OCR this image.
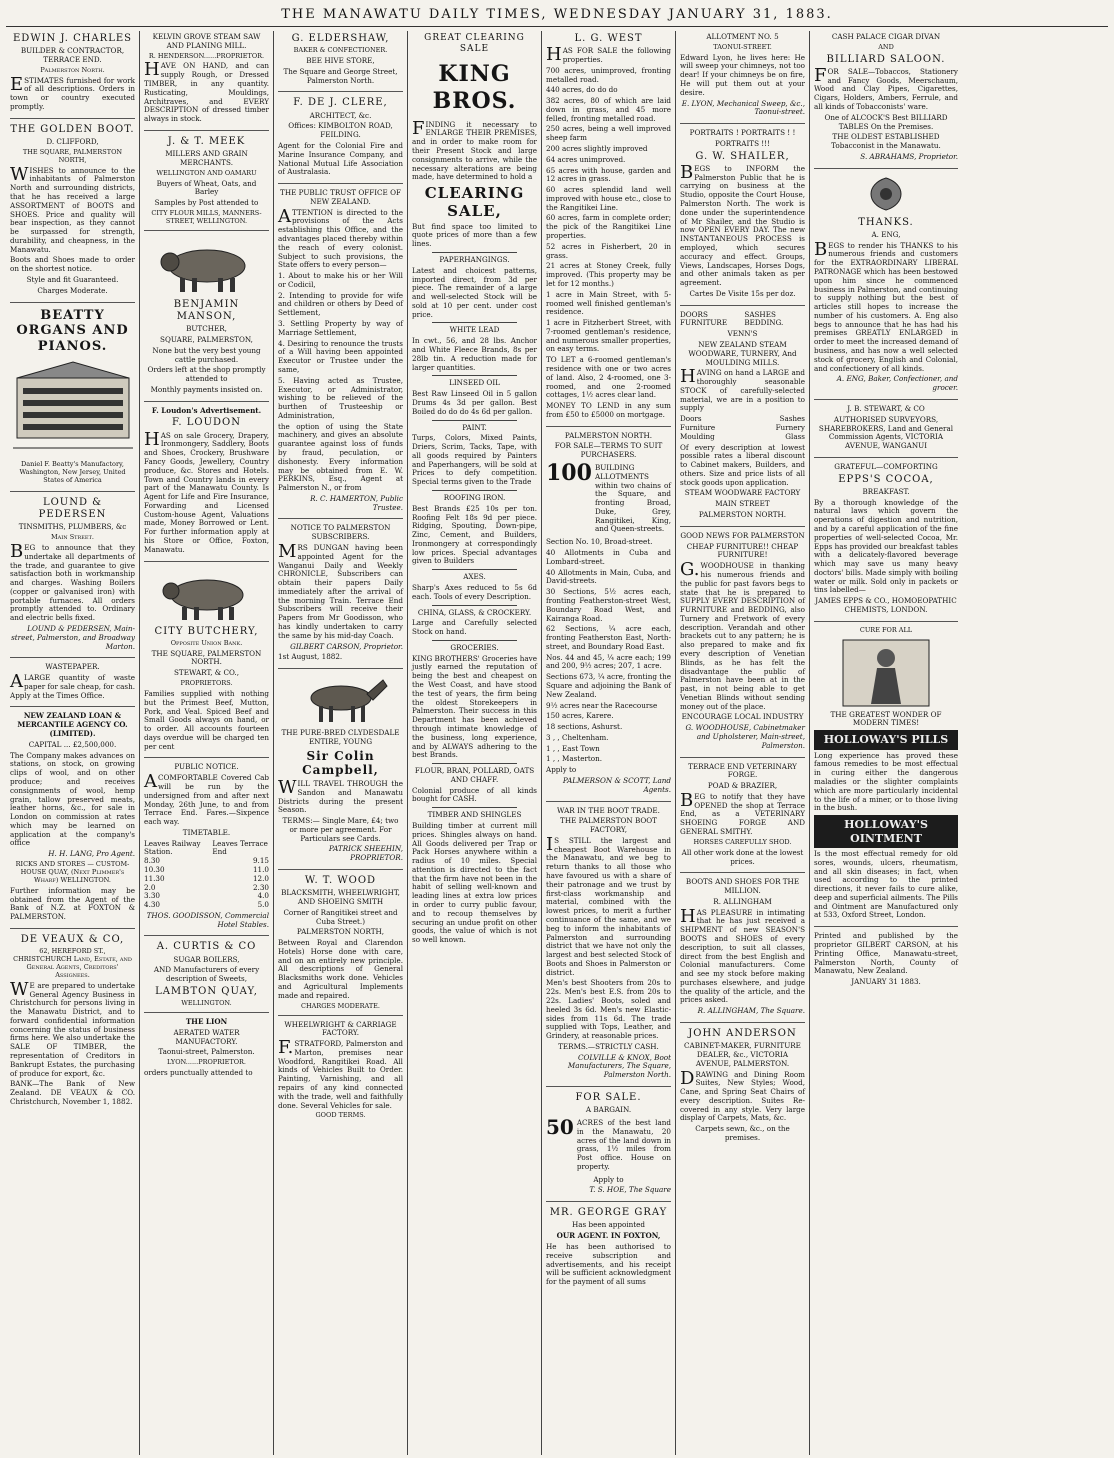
THE MANAWATU DAILY TIMES, WEDNESDAY JANUARY 31, 1883.
EDWIN J. CHARLES
BUILDER & CONTRACTOR, TERRACE END.
Palmerston North.
ESTIMATES furnished for work of all descriptions. Orders in town or country executed promptly.
THE GOLDEN BOOT.
D. CLIFFORD,
THE SQUARE, PALMERSTON NORTH,
WISHES to announce to the inhabitants of Palmerston North and surrounding districts, that he has received a large ASSORTMENT of BOOTS and SHOES. Price and quality will bear inspection, as they cannot be surpassed for strength, durability, and cheapness, in the Manawatu.
Boots and Shoes made to order on the shortest notice.
Style and fit Guaranteed.
Charges Moderate.
BEATTY ORGANS AND PIANOS.
Daniel F. Beatty's Manufactory, Washington, New Jersey, United States of America
LOUND & PEDERSEN
TINSMITHS, PLUMBERS, &c
Main Street.
BEG to announce that they undertake all departments of the trade, and guarantee to give satisfaction both in workmanship and charges. Washing Boilers (copper or galvanised iron) with portable furnaces. All orders promptly attended to. Ordinary and electric bells fixed.
LOUND & PEDERSEN, Main-street, Palmerston, and Broadway Marton.
WASTEPAPER.
ALARGE quantity of waste paper for sale cheap, for cash. Apply at the Times Office.
NEW ZEALAND LOAN & MERCANTILE AGENCY CO. (LIMITED).
CAPITAL ... £2,500,000.
The Company makes advances on stations, on stock, on growing clips of wool, and on other produce; and receives consignments of wool, hemp grain, tallow preserved meats, leather horns, &c., for sale in London on commission at rates which may be learned on application at the company's office
H. H. LANG, Pro Agent.
RICKS AND STORES — CUSTOM-HOUSE QUAY, (Next Plimmer's Wharf) WELLINGTON.
Further information may be obtained from the Agent of the Bank of N.Z. at FOXTON & PALMERSTON.
DE VEAUX & CO,
62, HEREFORD ST., CHRISTCHURCH Land, Estate, and General Agents, Creditors' Assignees.
WE are prepared to undertake General Agency Business in Christchurch for persons living in the Manawatu District, and to forward confidential information concerning the status of business firms here. We also undertake the SALE OF TIMBER, the representation of Creditors in Bankrupt Estates, the purchasing of produce for export, &c.
BANK—The Bank of New Zealand. DE VEAUX & CO. Christchurch, November 1, 1882.
KELVIN GROVE STEAM SAW AND PLANING MILL.
R. HENDERSON......PROPRIETOR.
HAVE ON HAND, and can supply Rough, or Dressed TIMBER, in any quantity. Rusticating, Mouldings, Architraves, and EVERY DESCRIPTION of dressed timber always in stock.
J. & T. MEEK
MILLERS AND GRAIN MERCHANTS.
WELLINGTON AND OAMARU
Buyers of Wheat, Oats, and Barley
Samples by Post attended to
CITY FLOUR MILLS, MANNERS-STREET, WELLINGTON.
BENJAMIN MANSON,
BUTCHER,
SQUARE, PALMERSTON,
None but the very best young cattle purchased.
Orders left at the shop promptly attended to
Monthly payments insisted on.
F. Loudon's Advertisement.
F. LOUDON
HAS on sale Grocery, Drapery, Ironmongery, Saddlery, Boots and Shoes, Crockery, Brushware Fancy Goods, Jewellery, Country produce, &c. Stores and Hotels. Town and Country lands in every part of the Manawatu County. Is Agent for Life and Fire Insurance, Forwarding and Licensed Custom-house Agent, Valuations made, Money Borrowed or Lent. For further information apply at his Store or Office, Foxton, Manawatu.
CITY BUTCHERY,
Opposite Union Bank.
THE SQUARE, PALMERSTON NORTH.
STEWART, & CO.,
PROPRIETORS.
Families supplied with nothing but the Primest Beef, Mutton, Pork, and Veal. Spiced Beef and Small Goods always on hand, or to order. All accounts fourteen days overdue will be charged ten per cent
PUBLIC NOTICE.
ACOMFORTABLE Covered Cab will be run by the undersigned from and after next Monday, 26th June, to and from Terrace End. Fares.—Sixpence each way.
TIMETABLE.
Leaves Railway Station.
Leaves Terrace End
8.30	9.15
10.30	11.0
11.30	12.0
2.0	2.30
3.30	4.0
4.30	5.0
THOS. GOODISSON, Commercial Hotel Stables.
A. CURTIS & CO
SUGAR BOILERS,
AND Manufacturers of every description of Sweets,
LAMBTON QUAY,
WELLINGTON.
THE LION
AERATED WATER MANUFACTORY.
Taonui-street, Palmerston.
LYON......PROPRIETOR.
orders punctually attended to
G. ELDERSHAW,
BAKER & CONFECTIONER.
BEE HIVE STORE,
The Square and George Street, Palmerston North.
F. DE J. CLERE,
ARCHITECT, &c.
Offices: KIMBOLTON ROAD, FEILDING.
Agent for the Colonial Fire and Marine Insurance Company, and National Mutual Life Association of Australasia.
THE PUBLIC TRUST OFFICE OF NEW ZEALAND.
ATTENTION is directed to the provisions of the Acts establishing this Office, and the advantages placed thereby within the reach of every colonist. Subject to such provisions, the State offers to every person—
1. About to make his or her Will or Codicil,
2. Intending to provide for wife and children or others by Deed of Settlement,
3. Settling Property by way of Marriage Settlement,
4. Desiring to renounce the trusts of a Will having been appointed Executor or Trustee under the same,
5. Having acted as Trustee, Executor, or Administrator, wishing to be relieved of the burthen of Trusteeship or Administration,
the option of using the State machinery, and gives an absolute guarantee against loss of funds by fraud, peculation, or dishonesty. Every information may be obtained from E. W. PERKINS, Esq., Agent at Palmerston N., or from
R. C. HAMERTON, Public Trustee.
NOTICE TO PALMERSTON SUBSCRIBERS.
MRS DUNGAN having been appointed Agent for the Wanganui Daily and Weekly CHRONICLE, Subscribers can obtain their papers Daily immediately after the arrival of the morning Train. Terrace End Subscribers will receive their Papers from Mr Goodisson, who has kindly undertaken to carry the same by his mid-day Coach.
GILBERT CARSON, Proprietor.
1st August, 1882.
THE PURE-BRED CLYDESDALE ENTIRE, YOUNG
Sir Colin Campbell,
WILL TRAVEL THROUGH the Sandon and Manawatu Districts during the present Season.
TERMS:— Single Mare, £4; two or more per agreement. For Particulars see Cards.
PATRICK SHEEHIN, PROPRIETOR.
W. T. WOOD
BLACKSMITH, WHEELWRIGHT, AND SHOEING SMITH
Corner of Rangitikei street and Cuba Street.)
PALMERSTON NORTH,
Between Royal and Clarendon Hotels) Horse done with care, and on an entirely new principle. All descriptions of General Blacksmiths work done. Vehicles and Agricultural Implements made and repaired.
CHARGES MODERATE.
WHEELWRIGHT & CARRIAGE FACTORY.
F.STRATFORD, Palmerston and Marton, premises near Woodford, Rangitikei Road. All kinds of Vehicles Built to Order. Painting, Varnishing, and all repairs of any kind connected with the trade, well and faithfully done. Several Vehicles for sale.
GOOD TERMS.
GREAT CLEARING SALE
KING BROS.
FINDING it necessary to ENLARGE THEIR PREMISES, and in order to make room for their Present Stock and large consignments to arrive, while the necessary alterations are being made, have determined to hold a
CLEARING SALE,
But find space too limited to quote prices of more than a few lines.
PAPERHANGINGS.
Latest and choicest patterns, imported direct, from 3d per piece. The remainder of a large and well-selected Stock will be sold at 10 per cent. under cost price.
WHITE LEAD
In cwt., 56, and 28 lbs. Anchor and White Fleece Brands, 8s per 28lb tin. A reduction made for larger quantities.
LINSEED OIL
Best Raw Linseed Oil in 5 gallon Drums 4s 3d per gallon. Best Boiled do do do 4s 6d per gallon.
PAINT.
Turps, Colors, Mixed Paints, Driers, Scrim, Tacks, Tape, with all goods required by Painters and Paperhangers, will be sold at Prices to defy competition. Special terms given to the Trade
ROOFING IRON.
Best Brands £25 10s per ton. Roofing Felt 18s 9d per piece. Ridging, Spouting, Down-pipe, Zinc, Cement, and Builders, Ironmongery at correspondingly low prices. Special advantages given to Builders
AXES.
Sharp's Axes reduced to 5s 6d each. Tools of every Description.
CHINA, GLASS, & CROCKERY.
Large and Carefully selected Stock on hand.
GROCERIES.
KING BROTHERS' Groceries have justly earned the reputation of being the best and cheapest on the West Coast, and have stood the test of years, the firm being the oldest Storekeepers in Palmerston. Their success in this Department has been achieved through intimate knowledge of the business, long experience, and by ALWAYS adhering to the best Brands.
FLOUR, BRAN, POLLARD, OATS AND CHAFF.
Colonial produce of all kinds bought for CASH.
TIMBER AND SHINGLES
Building timber at current mill prices. Shingles always on hand. All Goods delivered per Trap or Pack Horses anywhere within a radius of 10 miles. Special attention is directed to the fact that the firm have not been in the habit of selling well-known and leading lines at extra low prices in order to curry public favour, and to recoup themselves by securing an undue profit on other goods, the value of which is not so well known.
L. G. WEST
HAS FOR SALE the following properties.
700 acres, unimproved, fronting metalled road.
440 acres, do do do
382 acres, 80 of which are laid down in grass, and 45 more felled, fronting metalled road.
250 acres, being a well improved sheep farm
200 acres slightly improved
64 acres unimproved.
65 acres with house, garden and 12 acres in grass.
60 acres splendid land well improved with house etc., close to the Rangitikei Line.
60 acres, farm in complete order; the pick of the Rangitikei Line properties.
52 acres in Fisherbert, 20 in grass.
21 acres at Stoney Creek, fully improved. (This property may be let for 12 months.)
1 acre in Main Street, with 5-roomed well finished gentleman's residence.
1 acre in Fitzherbert Street, with 7-roomed gentleman's residence, and numerous smaller properties, on easy terms.
TO LET a 6-roomed gentleman's residence with one or two acres of land. Also, 2 4-roomed, one 3-roomed, and one 2-roomed cottages, 1½ acres clear land.
MONEY TO LEND in any sum from £50 to £5000 on mortgage.
PALMERSTON NORTH.
FOR SALE—TERMS TO SUIT PURCHASERS.
100 BUILDING ALLOTMENTS within two chains of the Square, and fronting Broad, Duke, Grey, Rangitikei, King, and Queen-streets.
Section No. 10, Broad-street.
40 Allotments in Cuba and Lombard-street.
40 Allotments in Main, Cuba, and David-streets.
30 Sections, 5½ acres each, fronting Featherston-street West, Boundary Road West, and Kairanga Road.
62 Sections, ¼ acre each, fronting Featherston East, North-street, and Boundary Road East.
Nos. 44 and 45, ¼ acre each; 199 and 200, 9½ acres; 207, 1 acre.
Sections 673, ¼ acre, fronting the Square and adjoining the Bank of New Zealand.
9½ acres near the Racecourse
150 acres, Karere.
18 sections, Ashurst.
3 , , Cheltenham.
1 , , East Town
1 , , Masterton.
Apply to
PALMERSON & SCOTT, Land Agents.
WAR IN THE BOOT TRADE.
THE PALMERSTON BOOT FACTORY,
IS STILL the largest and cheapest Boot Warehouse in the Manawatu, and we beg to return thanks to all those who have favoured us with a share of their patronage and we trust by first-class workmanship and material, combined with the lowest prices, to merit a further continuance of the same, and we beg to inform the inhabitants of Palmerston and surrounding district that we have not only the largest and best selected Stock of Boots and Shoes in Palmerston or district.
Men's best Shooters from 20s to 22s. Men's best E.S. from 20s to 22s. Ladies' Boots, soled and heeled 3s 6d. Men's new Elastic-sides from 11s 6d. The trade supplied with Tops, Leather, and Grindery, at reasonable prices.
TERMS.—STRICTLY CASH.
COLVILLE & KNOX, Boot Manufacturers, The Square, Palmerston North.
FOR SALE.
A BARGAIN.
50 ACRES of the best land in the Manawatu, 20 acres of the land down in grass, 1½ miles from Post office. House on property.
Apply to
T. S. HOE, The Square
MR. GEORGE GRAY
Has been appointed
OUR AGENT. IN FOXTON,
He has been authorised to receive subscription and advertisements, and his receipt will be sufficient acknowledgment for the payment of all sums
ALLOTMENT NO. 5
TAONUI-STREET.
Edward Lyon, he lives here: He will sweep your chimneys, not too dear! If your chimneys be on fire, He will put them out at your desire.
E. LYON, Mechanical Sweep, &c., Taonui-street.
PORTRAITS ! PORTRAITS ! !
PORTRAITS !!!
G. W. SHAILER,
BEGS to INFORM the Palmerston Public that he is carrying on business at the Studio, opposite the Court House, Palmerston North. The work is done under the superintendence of Mr Shailer, and the Studio is now OPEN EVERY DAY. The new INSTANTANEOUS PROCESS is employed, which secures accuracy and effect. Groups, Views, Landscapes, Horses Dogs, and other animals taken as per agreement.
Cartes De Visite 15s per doz.
DOORS FURNITURE
SASHES BEDDING.
VENN'S
NEW ZEALAND STEAM WOODWARE, TURNERY, And MOULDING MILLS.
HAVING on hand a LARGE and thoroughly seasonable STOCK of carefully-selected material, we are in a position to supply
Doors	Sashes
Furniture	Furnery
Moulding	Glass
Of every description at lowest possible rates a liberal discount to Cabinet makers, Builders, and others. Size and price lists of all stock goods upon application.
STEAM WOODWARE FACTORY
MAIN STREET
PALMERSTON NORTH.
GOOD NEWS FOR PALMERSTON
CHEAP FURNITURE!! CHEAP FURNITURE!
G.WOODHOUSE in thanking his numerous friends and the public for past favors begs to state that he is prepared to SUPPLY EVERY DESCRIPTION of FURNITURE and BEDDING, also Turnery and Fretwork of every description. Verandah and other brackets cut to any pattern; he is also prepared to make and fix every description of Venetian Blinds, as he has felt the disadvantage the public of Palmerston have been at in the past, in not being able to get Venetian Blinds without sending money out of the place.
ENCOURAGE LOCAL INDUSTRY
G. WOODHOUSE, Cabinetmaker and Upholsterer, Main-street, Palmerston.
TERRACE END VETERINARY FORGE.
POAD & BRAZIER,
BEG to notify that they have OPENED the shop at Terrace End, as a VETERINARY SHOEING FORGE AND GENERAL SMITHY.
HORSES CAREFULLY SHOD.
All other work done at the lowest prices.
BOOTS AND SHOES FOR THE MILLION.
R. ALLINGHAM
HAS PLEASURE in intimating that he has just received a SHIPMENT of new SEASON'S BOOTS and SHOES of every description, to suit all classes, direct from the best English and Colonial manufacturers. Come and see my stock before making purchases elsewhere, and judge the quality of the article, and the prices asked.
R. ALLINGHAM, The Square.
JOHN ANDERSON
CABINET-MAKER, FURNITURE DEALER, &c., VICTORIA AVENUE, PALMERSTON.
DRAWING and Dining Room Suites, New Styles; Wood, Cane, and Spring Seat Chairs of every description. Suites Re-covered in any style. Very large display of Carpets, Mats, &c.
Carpets sewn, &c., on the premises.
CASH PALACE CIGAR DIVAN
AND
BILLIARD SALOON.
FOR SALE—Tobaccos, Stationery and Fancy Goods, Meerschaum, Wood and Clay Pipes, Cigarettes, Cigars, Holders, Ambers, Ferrule, and all kinds of Tobacconists' ware.
One of ALCOCK'S Best BILLIARD TABLES On the Premises.
THE OLDEST ESTABLISHED Tobacconist in the Manawatu.
S. ABRAHAMS, Proprietor.
THANKS.
A. ENG,
BEGS to render his THANKS to his numerous friends and customers for the EXTRAORDINARY LIBERAL PATRONAGE which has been bestowed upon him since he commenced business in Palmerston, and continuing to supply nothing but the best of articles still hopes to increase the number of his customers. A. Eng also begs to announce that he has had his premises GREATLY ENLARGED in order to meet the increased demand of business, and has now a well selected stock of grocery, English and Colonial, and confectionery of all kinds.
A. ENG, Baker, Confectioner, and grocer.
J. B. STEWART, & CO
AUTHORISED SURVEYORS, SHAREBROKERS, Land and General Commission Agents, VICTORIA AVENUE, WANGANUI
GRATEFUL—COMFORTING
EPPS'S COCOA,
BREAKFAST.
By a thorough knowledge of the natural laws which govern the operations of digestion and nutrition, and by a careful application of the fine properties of well-selected Cocoa, Mr. Epps has provided our breakfast tables with a delicately-flavored beverage which may save us many heavy doctors' bills. Made simply with boiling water or milk. Sold only in packets or tins labelled—
JAMES EPPS & CO., HOMOEOPATHIC CHEMISTS, LONDON.
CURE FOR ALL
THE GREATEST WONDER OF MODERN TIMES!
HOLLOWAY'S PILLS
Long experience has proved these famous remedies to be most effectual in curing either the dangerous maladies or the slighter complaints which are more particularly incidental to the life of a miner, or to those living in the bush.
HOLLOWAY'S OINTMENT
Is the most effectual remedy for old sores, wounds, ulcers, rheumatism, and all skin diseases; in fact, when used according to the printed directions, it never fails to cure alike, deep and superficial ailments. The Pills and Ointment are Manufactured only at 533, Oxford Street, London.
Printed and published by the proprietor GILBERT CARSON, at his Printing Office, Manawatu-street, Palmerston North, County of Manawatu, New Zealand.
JANUARY 31 1883.
